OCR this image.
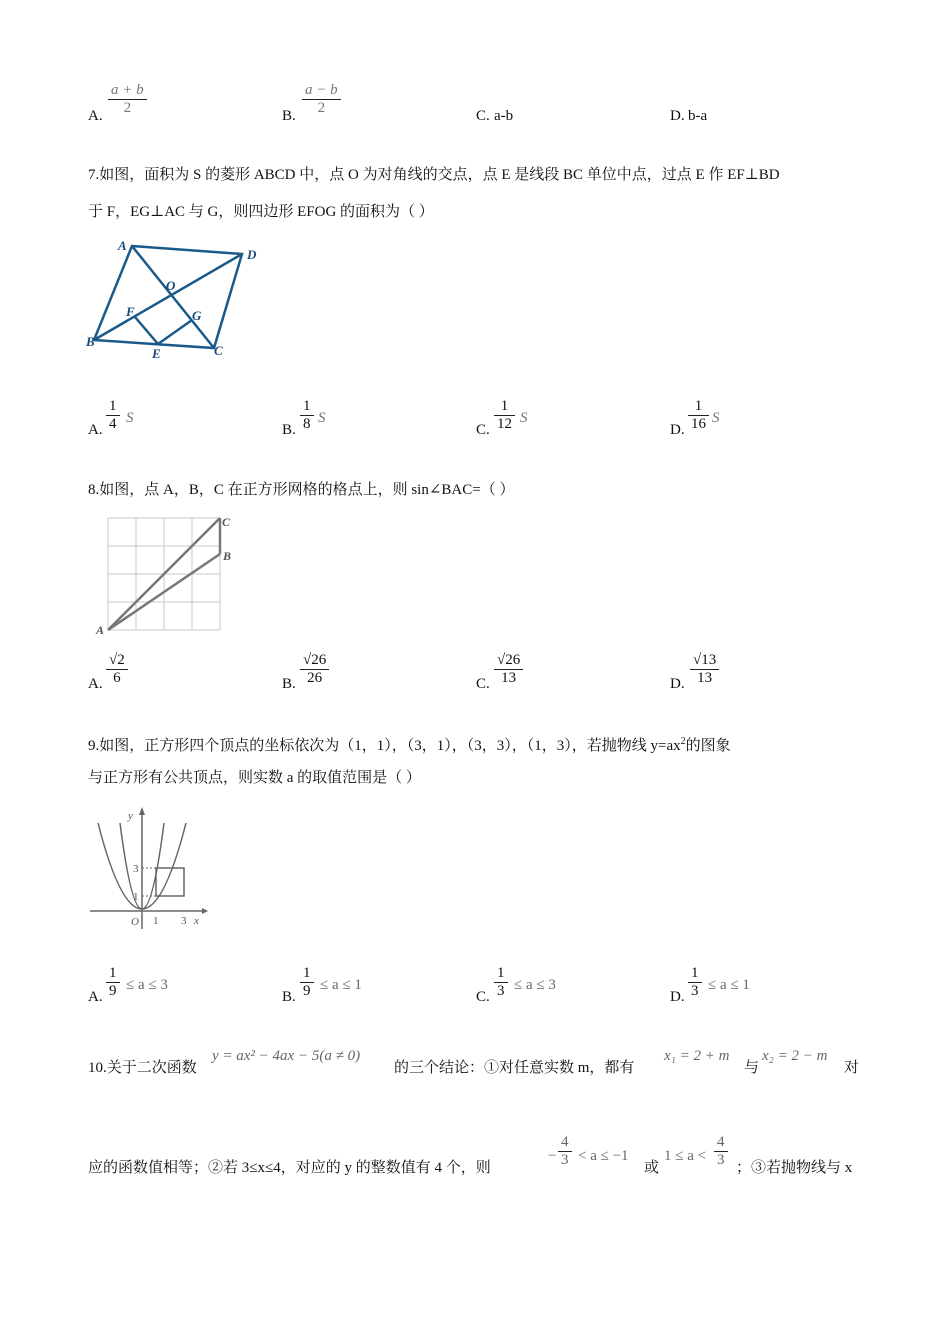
A.
a + b
2	B.
a − b
2	C. a-b	D. b-a
7.如图，面积为 S 的菱形 ABCD 中，点 O 为对角线的交点，点 E 是线段 BC 单位中点，过点 E 作 EF⊥BD
于 F，EG⊥AC 与 G，则四边形 EFOG 的面积为（ ）
A
D
B
C
O
F	G
E
A.
1
4 S
B.
1
8 S
C.
1
12 S
D.
1
16 S
8.如图，点 A，B，C 在正方形网格的格点上，则 sin∠BAC=（ ）
A
B
C
A.
√2
6	B.
√26
26	C.
√26
13	D.
√13
13
9.如图，正方形四个顶点的坐标依次为（1，1），（3，1），（3，3），（1，3），若抛物线 $y=ax^2$的图象
与正方形有公共顶点，则实数 a 的取值范围是（ ）
y
x
O 1 3
1
3
A.
1
9 ≤ a ≤ 3
B.
1
9 ≤ a ≤ 1
C.
1
3 ≤ a ≤ 3
D.
1
3 ≤ a ≤ 1
10.关于二次函数
y = ax² − 4ax − 5(a ≠ 0)
的三个结论：①对任意实数 m，都有
x₁ = 2 + m
与
x₂ = 2 − m
对
应的函数值相等；②若 3≤x≤4，对应的 y 的整数值有 4 个，则
−
4
3 < a ≤ −1
或
1 ≤ a <
4
3 ；③若抛物线与 x
